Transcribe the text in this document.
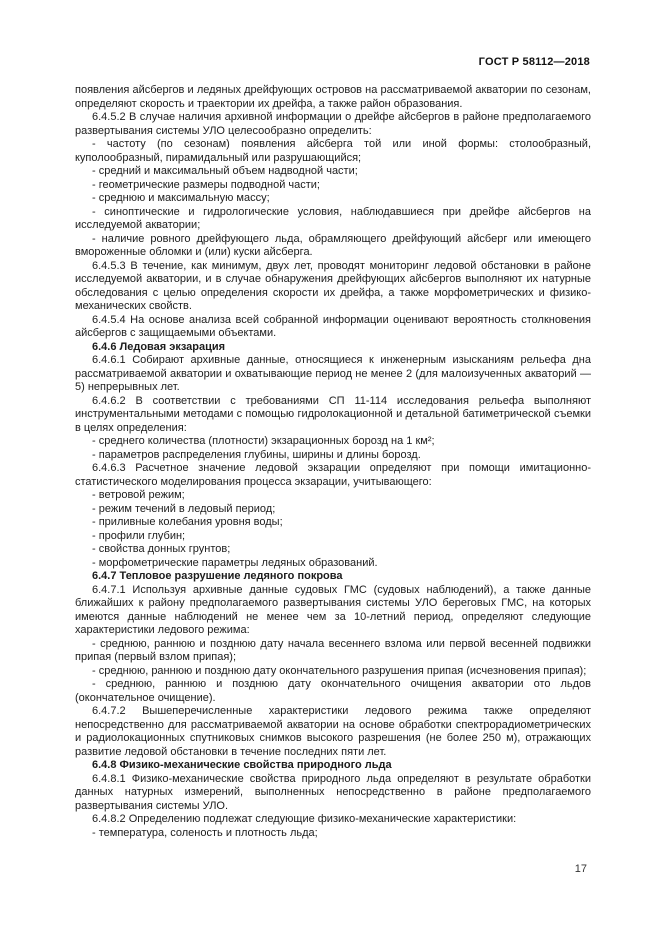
ГОСТ Р 58112—2018

появления айсбергов и ледяных дрейфующих островов на рассматриваемой акватории по сезонам, определяют скорость и траектории их дрейфа, а также район образования.

6.4.5.2 В случае наличия архивной информации о дрейфе айсбергов в районе предполагаемого развертывания системы УЛО целесообразно определить:

- частоту (по сезонам) появления айсберга той или иной формы: столообразный, куполообразный, пирамидальный или разрушающийся;

- средний и максимальный объем надводной части;

- геометрические размеры подводной части;

- среднюю и максимальную массу;

- синоптические и гидрологические условия, наблюдавшиеся при дрейфе айсбергов на исследуемой акватории;

- наличие ровного дрейфующего льда, обрамляющего дрейфующий айсберг или имеющего вмороженные обломки и (или) куски айсберга.

6.4.5.3 В течение, как минимум, двух лет, проводят мониторинг ледовой обстановки в районе исследуемой акватории, и в случае обнаружения дрейфующих айсбергов выполняют их натурные обследования с целью определения скорости их дрейфа, а также морфометрических и физико-механических свойств.

6.4.5.4 На основе анализа всей собранной информации оценивают вероятность столкновения айсбергов с защищаемыми объектами.

6.4.6 Ледовая экзарация

6.4.6.1 Собирают архивные данные, относящиеся к инженерным изысканиям рельефа дна рассматриваемой акватории и охватывающие период не менее 2 (для малоизученных акваторий — 5) непрерывных лет.

6.4.6.2 В соответствии с требованиями СП 11-114 исследования рельефа выполняют инструментальными методами с помощью гидролокационной и детальной батиметрической съемки в целях определения:

- среднего количества (плотности) экзарационных борозд на 1 км²;

- параметров распределения глубины, ширины и длины борозд.

6.4.6.3 Расчетное значение ледовой экзарации определяют при помощи имитационно-статистического моделирования процесса экзарации, учитывающего:

- ветровой режим;

- режим течений в ледовый период;

- приливные колебания уровня воды;

- профили глубин;

- свойства донных грунтов;

- морфометрические параметры ледяных образований.

6.4.7 Тепловое разрушение ледяного покрова

6.4.7.1 Используя архивные данные судовых ГМС (судовых наблюдений), а также данные ближайших к району предполагаемого развертывания системы УЛО береговых ГМС, на которых имеются данные наблюдений не менее чем за 10-летний период, определяют следующие характеристики ледового режима:

- среднюю, раннюю и позднюю дату начала весеннего взлома или первой весенней подвижки припая (первый взлом припая);

- среднюю, раннюю и позднюю дату окончательного разрушения припая (исчезновения припая);

- среднюю, раннюю и позднюю дату окончательного очищения акватории ото льдов (окончательное очищение).

6.4.7.2 Вышеперечисленные характеристики ледового режима также определяют непосредственно для рассматриваемой акватории на основе обработки спектрорадиометрических и радиолокационных спутниковых снимков высокого разрешения (не более 250 м), отражающих развитие ледовой обстановки в течение последних пяти лет.

6.4.8 Физико-механические свойства природного льда

6.4.8.1 Физико-механические свойства природного льда определяют в результате обработки данных натурных измерений, выполненных непосредственно в районе предполагаемого развертывания системы УЛО.

6.4.8.2 Определению подлежат следующие физико-механические характеристики:

- температура, соленость и плотность льда;

17
